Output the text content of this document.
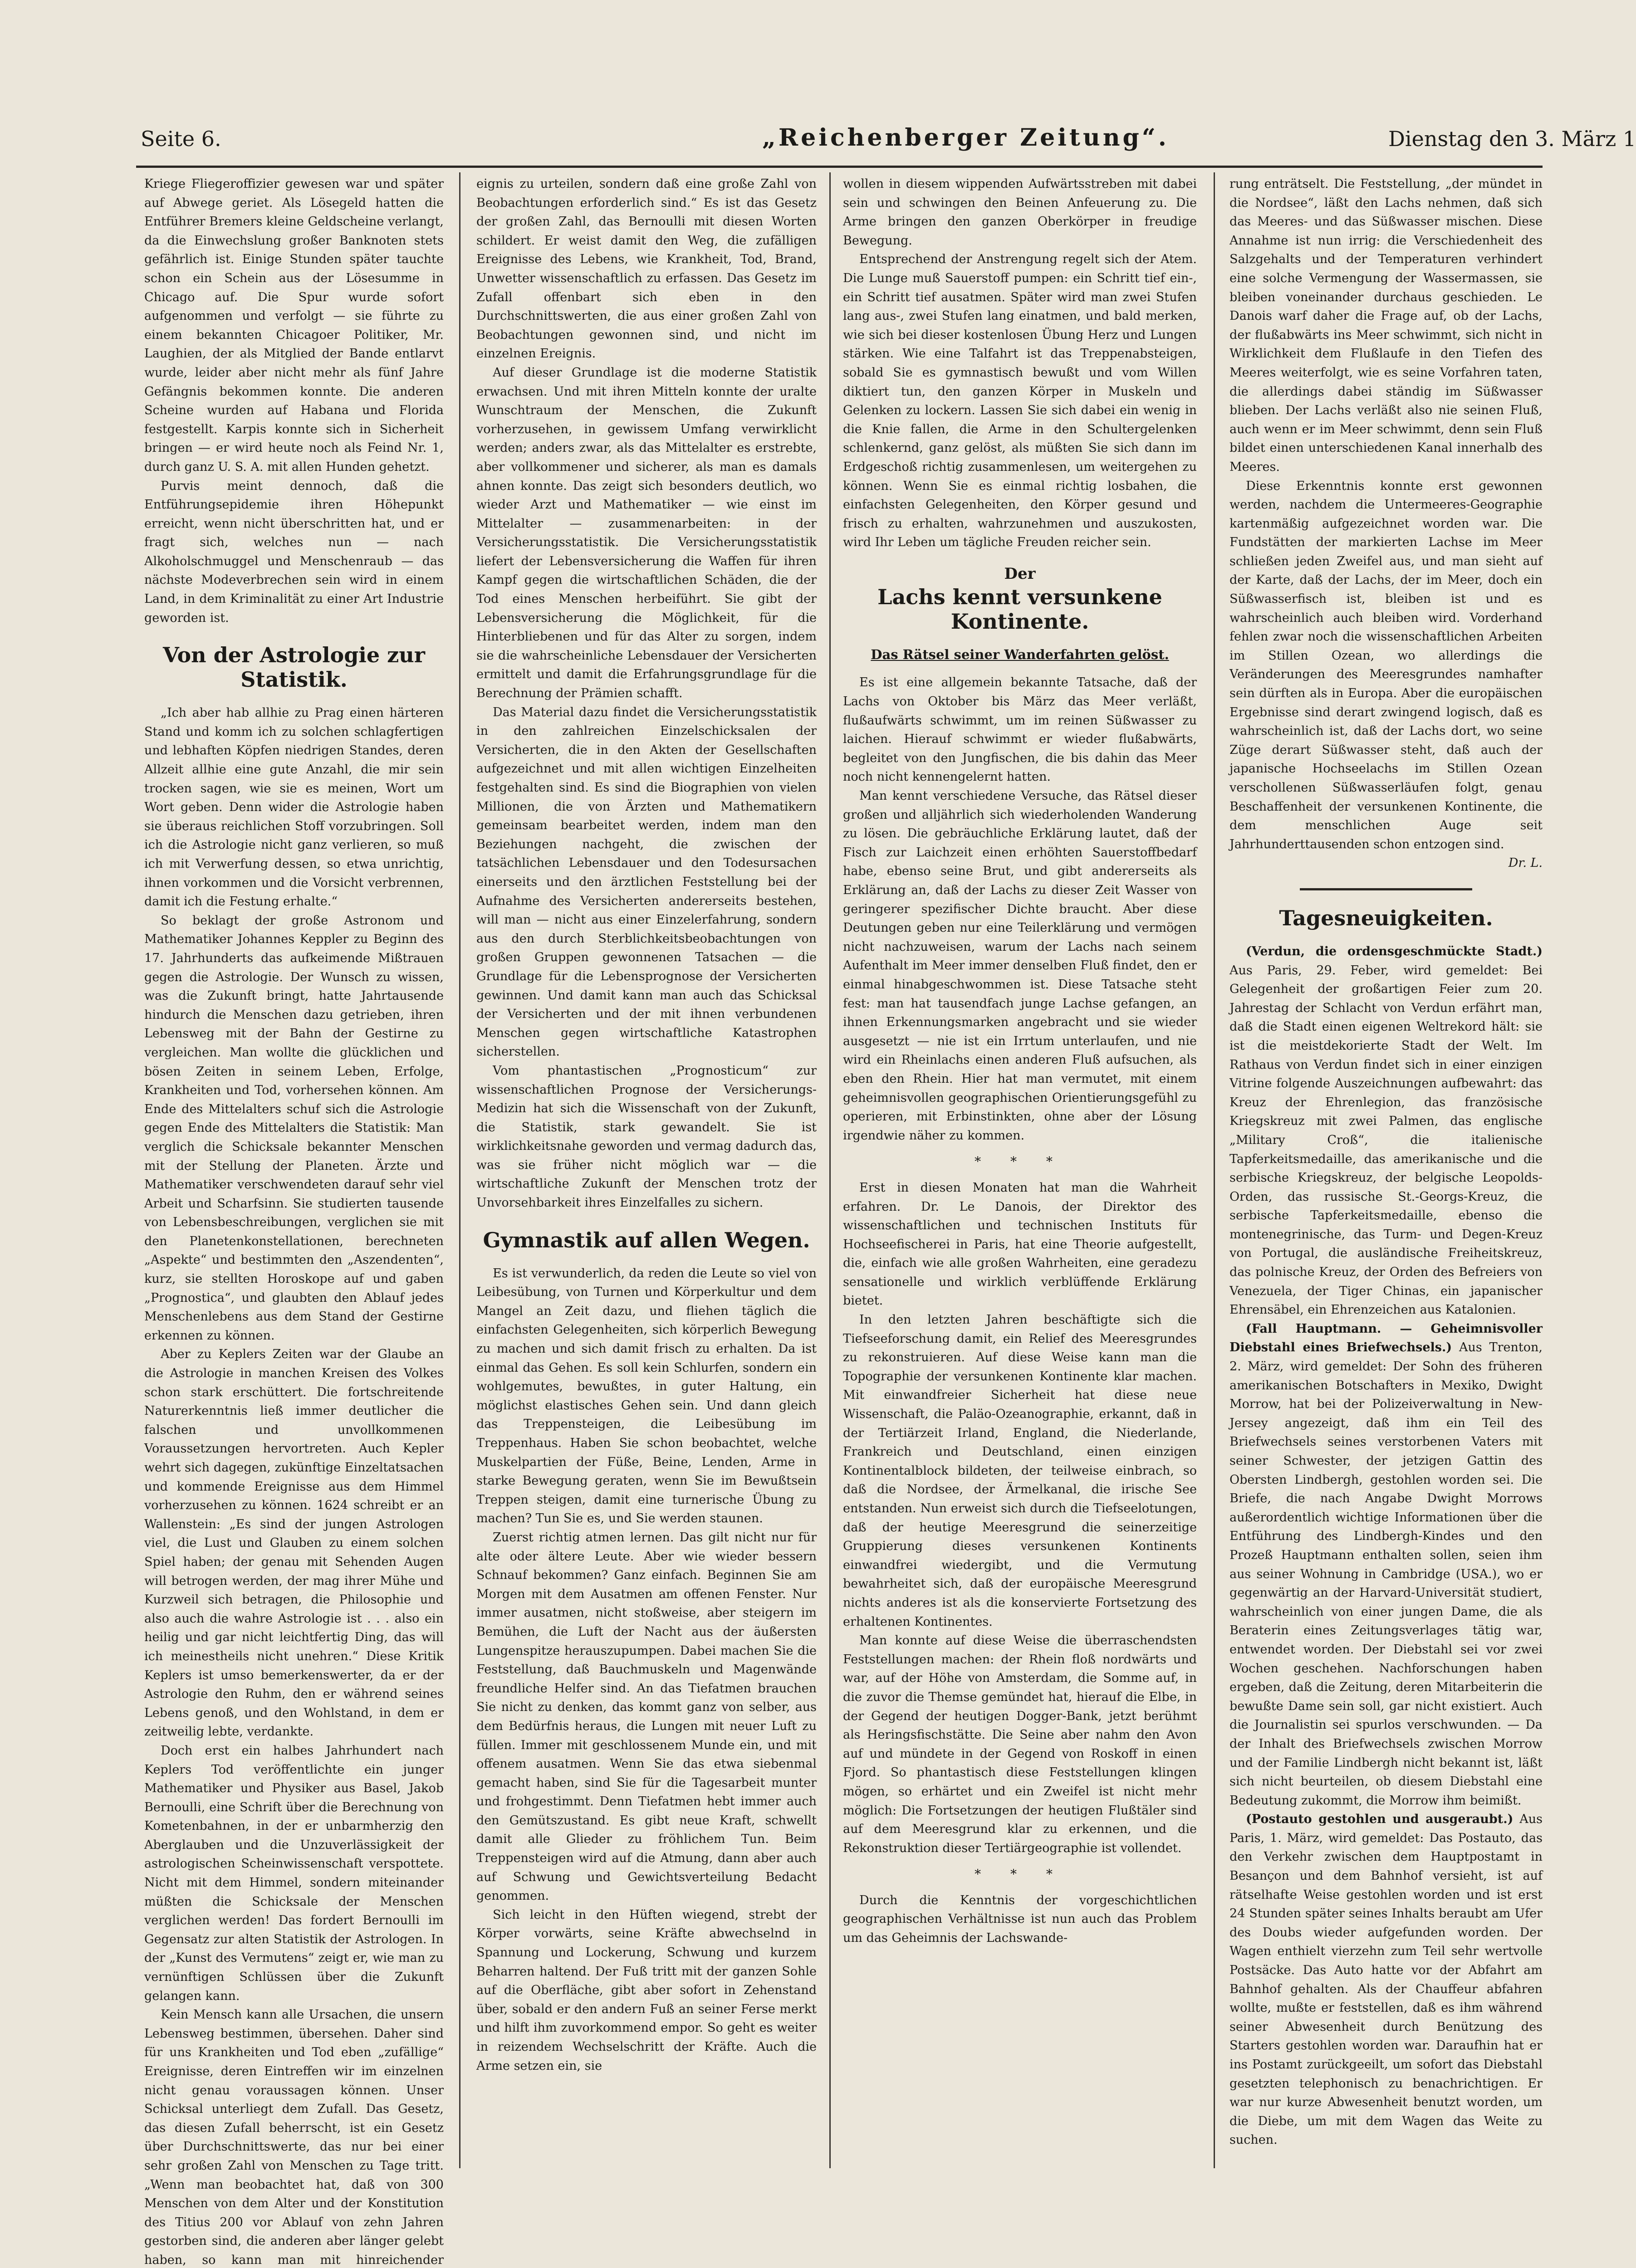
Seite 6.	„Reichenberger Zeitung“.	Dienstag den 3. März 1

Kriege Fliegeroffizier gewesen war und später auf Abwege geriet. Als Lösegeld hatten die Entführer Bremers kleine Geldscheine verlangt, da die Einwechslung großer Banknoten stets gefährlich ist. Einige Stunden später tauchte schon ein Schein aus der Lösesumme in Chicago auf. Die Spur wurde sofort aufgenommen und verfolgt — sie führte zu einem bekannten Chicagoer Politiker, Mr. Laughien, der als Mitglied der Bande entlarvt wurde, leider aber nicht mehr als fünf Jahre Gefängnis bekommen konnte. Die anderen Scheine wurden auf Habana und Florida festgestellt. Karpis konnte sich in Sicherheit bringen — er wird heute noch als Feind Nr. 1, durch ganz U. S. A. mit allen Hunden gehetzt.

Purvis meint dennoch, daß die Entführungsepidemie ihren Höhepunkt erreicht, wenn nicht überschritten hat, und er fragt sich, welches nun — nach Alkoholschmuggel und Menschenraub — das nächste Modeverbrechen sein wird in einem Land, in dem Kriminalität zu einer Art Industrie geworden ist.

Von der Astrologie zur Statistik.

„Ich aber hab allhie zu Prag einen härteren Stand und komm ich zu solchen schlagfertigen und lebhaften Köpfen niedrigen Standes, deren Allzeit allhie eine gute Anzahl, die mir sein trocken sagen, wie sie es meinen, Wort um Wort geben. Denn wider die Astrologie haben sie überaus reichlichen Stoff vorzubringen. Soll ich die Astrologie nicht ganz verlieren, so muß ich mit Verwerfung dessen, so etwa unrichtig, ihnen vorkommen und die Vorsicht verbrennen, damit ich die Festung erhalte.“

So beklagt der große Astronom und Mathematiker Johannes Keppler zu Beginn des 17. Jahrhunderts das aufkeimende Mißtrauen gegen die Astrologie. Der Wunsch zu wissen, was die Zukunft bringt, hatte Jahrtausende hindurch die Menschen dazu getrieben, ihren Lebensweg mit der Bahn der Gestirne zu vergleichen. Man wollte die glücklichen und bösen Zeiten in seinem Leben, Erfolge, Krankheiten und Tod, vorhersehen können. Am Ende des Mittelalters schuf sich die Astrologie gegen Ende des Mittelalters die Statistik: Man verglich die Schicksale bekannter Menschen mit der Stellung der Planeten. Ärzte und Mathematiker verschwendeten darauf sehr viel Arbeit und Scharfsinn. Sie studierten tausende von Lebensbeschreibungen, verglichen sie mit den Planetenkonstellationen, berechneten „Aspekte“ und bestimmten den „Aszendenten“, kurz, sie stellten Horoskope auf und gaben „Prognostica“, und glaubten den Ablauf jedes Menschenlebens aus dem Stand der Gestirne erkennen zu können.

Aber zu Keplers Zeiten war der Glaube an die Astrologie in manchen Kreisen des Volkes schon stark erschüttert. Die fortschreitende Naturerkenntnis ließ immer deutlicher die falschen und unvollkommenen Voraussetzungen hervortreten. Auch Kepler wehrt sich dagegen, zukünftige Einzeltatsachen und kommende Ereignisse aus dem Himmel vorherzusehen zu können. 1624 schreibt er an Wallenstein: „Es sind der jungen Astrologen viel, die Lust und Glauben zu einem solchen Spiel haben; der genau mit Sehenden Augen will betrogen werden, der mag ihrer Mühe und Kurzweil sich betragen, die Philosophie und also auch die wahre Astrologie ist . . . also ein heilig und gar nicht leichtfertig Ding, das will ich meinestheils nicht unehren.“ Diese Kritik Keplers ist umso bemerkenswerter, da er der Astrologie den Ruhm, den er während seines Lebens genoß, und den Wohlstand, in dem er zeitweilig lebte, verdankte.

Doch erst ein halbes Jahrhundert nach Keplers Tod veröffentlichte ein junger Mathematiker und Physiker aus Basel, Jakob Bernoulli, eine Schrift über die Berechnung von Kometenbahnen, in der er unbarmherzig den Aberglauben und die Unzuverlässigkeit der astrologischen Scheinwissenschaft verspottete. Nicht mit dem Himmel, sondern miteinander müßten die Schicksale der Menschen verglichen werden! Das fordert Bernoulli im Gegensatz zur alten Statistik der Astrologen. In der „Kunst des Vermutens“ zeigt er, wie man zu vernünftigen Schlüssen über die Zukunft gelangen kann.

Kein Mensch kann alle Ursachen, die unsern Lebensweg bestimmen, übersehen. Daher sind für uns Krankheiten und Tod eben „zufällige“ Ereignisse, deren Eintreffen wir im einzelnen nicht genau voraussagen können. Unser Schicksal unterliegt dem Zufall. Das Gesetz, das diesen Zufall beherrscht, ist ein Gesetz über Durchschnittswerte, das nur bei einer sehr großen Zahl von Menschen zu Tage tritt. „Wenn man beobachtet hat, daß von 300 Menschen von dem Alter und der Konstitution des Titius 200 vor Ablauf von zehn Jahren gestorben sind, die anderen aber länger gelebt haben, so kann man mit hinreichender

eignis zu urteilen, sondern daß eine große Zahl von Beobachtungen erforderlich sind.“ Es ist das Gesetz der großen Zahl, das Bernoulli mit diesen Worten schildert. Er weist damit den Weg, die zufälligen Ereignisse des Lebens, wie Krankheit, Tod, Brand, Unwetter wissenschaftlich zu erfassen. Das Gesetz im Zufall offenbart sich eben in den Durchschnittswerten, die aus einer großen Zahl von Beobachtungen gewonnen sind, und nicht im einzelnen Ereignis.

Auf dieser Grundlage ist die moderne Statistik erwachsen. Und mit ihren Mitteln konnte der uralte Wunschtraum der Menschen, die Zukunft vorherzusehen, in gewissem Umfang verwirklicht werden; anders zwar, als das Mittelalter es erstrebte, aber vollkommener und sicherer, als man es damals ahnen konnte. Das zeigt sich besonders deutlich, wo wieder Arzt und Mathematiker — wie einst im Mittelalter — zusammenarbeiten: in der Versicherungsstatistik. Die Versicherungsstatistik liefert der Lebensversicherung die Waffen für ihren Kampf gegen die wirtschaftlichen Schäden, die der Tod eines Menschen herbeiführt. Sie gibt der Lebensversicherung die Möglichkeit, für die Hinterbliebenen und für das Alter zu sorgen, indem sie die wahrscheinliche Lebensdauer der Versicherten ermittelt und damit die Erfahrungsgrundlage für die Berechnung der Prämien schafft.

Das Material dazu findet die Versicherungsstatistik in den zahlreichen Einzelschicksalen der Versicherten, die in den Akten der Gesellschaften aufgezeichnet und mit allen wichtigen Einzelheiten festgehalten sind. Es sind die Biographien von vielen Millionen, die von Ärzten und Mathematikern gemeinsam bearbeitet werden, indem man den Beziehungen nachgeht, die zwischen der tatsächlichen Lebensdauer und den Todesursachen einerseits und den ärztlichen Feststellung bei der Aufnahme des Versicherten andererseits bestehen, will man — nicht aus einer Einzelerfahrung, sondern aus den durch Sterblichkeitsbeobachtungen von großen Gruppen gewonnenen Tatsachen — die Grundlage für die Lebensprognose der Versicherten gewinnen. Und damit kann man auch das Schicksal der Versicherten und der mit ihnen verbundenen Menschen gegen wirtschaftliche Katastrophen sicherstellen.

Vom phantastischen „Prognosticum“ zur wissenschaftlichen Prognose der Versicherungs-Medizin hat sich die Wissenschaft von der Zukunft, die Statistik, stark gewandelt. Sie ist wirklichkeitsnahe geworden und vermag dadurch das, was sie früher nicht möglich war — die wirtschaftliche Zukunft der Menschen trotz der Unvorsehbarkeit ihres Einzelfalles zu sichern.

Gymnastik auf allen Wegen.

Es ist verwunderlich, da reden die Leute so viel von Leibesübung, von Turnen und Körperkultur und dem Mangel an Zeit dazu, und fliehen täglich die einfachsten Gelegenheiten, sich körperlich Bewegung zu machen und sich damit frisch zu erhalten. Da ist einmal das Gehen. Es soll kein Schlurfen, sondern ein wohlgemutes, bewußtes, in guter Haltung, ein möglichst elastisches Gehen sein. Und dann gleich das Treppensteigen, die Leibesübung im Treppenhaus. Haben Sie schon beobachtet, welche Muskelpartien der Füße, Beine, Lenden, Arme in starke Bewegung geraten, wenn Sie im Bewußtsein Treppen steigen, damit eine turnerische Übung zu machen? Tun Sie es, und Sie werden staunen.

Zuerst richtig atmen lernen. Das gilt nicht nur für alte oder ältere Leute. Aber wie wieder bessern Schnauf bekommen? Ganz einfach. Beginnen Sie am Morgen mit dem Ausatmen am offenen Fenster. Nur immer ausatmen, nicht stoßweise, aber steigern im Bemühen, die Luft der Nacht aus der äußersten Lungenspitze herauszupumpen. Dabei machen Sie die Feststellung, daß Bauchmuskeln und Magenwände freundliche Helfer sind. An das Tiefatmen brauchen Sie nicht zu denken, das kommt ganz von selber, aus dem Bedürfnis heraus, die Lungen mit neuer Luft zu füllen. Immer mit geschlossenem Munde ein, und mit offenem ausatmen. Wenn Sie das etwa siebenmal gemacht haben, sind Sie für die Tagesarbeit munter und frohgestimmt. Denn Tiefatmen hebt immer auch den Gemütszustand. Es gibt neue Kraft, schwellt damit alle Glieder zu fröhlichem Tun. Beim Treppensteigen wird auf die Atmung, dann aber auch auf Schwung und Gewichtsverteilung Bedacht genommen.

Sich leicht in den Hüften wiegend, strebt der Körper vorwärts, seine Kräfte abwechselnd in Spannung und Lockerung, Schwung und kurzem Beharren haltend. Der Fuß tritt mit der ganzen Sohle auf die Oberfläche, gibt aber sofort in Zehenstand über, sobald er den andern Fuß an seiner Ferse merkt und hilft ihm zuvorkommend empor. So geht es weiter in reizendem Wechselschritt der Kräfte. Auch die Arme setzen ein, sie

wollen in diesem wippenden Aufwärtsstreben mit dabei sein und schwingen den Beinen Anfeuerung zu. Die Arme bringen den ganzen Oberkörper in freudige Bewegung.

Entsprechend der Anstrengung regelt sich der Atem. Die Lunge muß Sauerstoff pumpen: ein Schritt tief ein-, ein Schritt tief ausatmen. Später wird man zwei Stufen lang aus-, zwei Stufen lang einatmen, und bald merken, wie sich bei dieser kostenlosen Übung Herz und Lungen stärken. Wie eine Talfahrt ist das Treppenabsteigen, sobald Sie es gymnastisch bewußt und vom Willen diktiert tun, den ganzen Körper in Muskeln und Gelenken zu lockern. Lassen Sie sich dabei ein wenig in die Knie fallen, die Arme in den Schultergelenken schlenkernd, ganz gelöst, als müßten Sie sich dann im Erdgeschoß richtig zusammenlesen, um weitergehen zu können. Wenn Sie es einmal richtig losbahen, die einfachsten Gelegenheiten, den Körper gesund und frisch zu erhalten, wahrzunehmen und auszukosten, wird Ihr Leben um tägliche Freuden reicher sein.

Der
Lachs kennt versunkene Kontinente.
Das Rätsel seiner Wanderfahrten gelöst.

Es ist eine allgemein bekannte Tatsache, daß der Lachs von Oktober bis März das Meer verläßt, flußaufwärts schwimmt, um im reinen Süßwasser zu laichen. Hierauf schwimmt er wieder flußabwärts, begleitet von den Jungfischen, die bis dahin das Meer noch nicht kennengelernt hatten.

Man kennt verschiedene Versuche, das Rätsel dieser großen und alljährlich sich wiederholenden Wanderung zu lösen. Die gebräuchliche Erklärung lautet, daß der Fisch zur Laichzeit einen erhöhten Sauerstoffbedarf habe, ebenso seine Brut, und gibt andererseits als Erklärung an, daß der Lachs zu dieser Zeit Wasser von geringerer spezifischer Dichte braucht. Aber diese Deutungen geben nur eine Teilerklärung und vermögen nicht nachzuweisen, warum der Lachs nach seinem Aufenthalt im Meer immer denselben Fluß findet, den er einmal hinabgeschwommen ist. Diese Tatsache steht fest: man hat tausendfach junge Lachse gefangen, an ihnen Erkennungsmarken angebracht und sie wieder ausgesetzt — nie ist ein Irrtum unterlaufen, und nie wird ein Rheinlachs einen anderen Fluß aufsuchen, als eben den Rhein. Hier hat man vermutet, mit einem geheimnisvollen geographischen Orientierungsgefühl zu operieren, mit Erbinstinkten, ohne aber der Lösung irgendwie näher zu kommen.

* * *

Erst in diesen Monaten hat man die Wahrheit erfahren. Dr. Le Danois, der Direktor des wissenschaftlichen und technischen Instituts für Hochseefischerei in Paris, hat eine Theorie aufgestellt, die, einfach wie alle großen Wahrheiten, eine geradezu sensationelle und wirklich verblüffende Erklärung bietet.

In den letzten Jahren beschäftigte sich die Tiefseeforschung damit, ein Relief des Meeresgrundes zu rekonstruieren. Auf diese Weise kann man die Topographie der versunkenen Kontinente klar machen. Mit einwandfreier Sicherheit hat diese neue Wissenschaft, die Paläo-Ozeanographie, erkannt, daß in der Tertiärzeit Irland, England, die Niederlande, Frankreich und Deutschland, einen einzigen Kontinentalblock bildeten, der teilweise einbrach, so daß die Nordsee, der Ärmelkanal, die irische See entstanden. Nun erweist sich durch die Tiefseelotungen, daß der heutige Meeresgrund die seinerzeitige Gruppierung dieses versunkenen Kontinents einwandfrei wiedergibt, und die Vermutung bewahrheitet sich, daß der europäische Meeresgrund nichts anderes ist als die konservierte Fortsetzung des erhaltenen Kontinentes.

Man konnte auf diese Weise die überraschendsten Feststellungen machen: der Rhein floß nordwärts und war, auf der Höhe von Amsterdam, die Somme auf, in die zuvor die Themse gemündet hat, hierauf die Elbe, in der Gegend der heutigen Dogger-Bank, jetzt berühmt als Heringsfischstätte. Die Seine aber nahm den Avon auf und mündete in der Gegend von Roskoff in einen Fjord. So phantastisch diese Feststellungen klingen mögen, so erhärtet und ein Zweifel ist nicht mehr möglich: Die Fortsetzungen der heutigen Flußtäler sind auf dem Meeresgrund klar zu erkennen, und die Rekonstruktion dieser Tertiärgeographie ist vollendet.

* * *

Durch die Kenntnis der vorgeschichtlichen geographischen Verhältnisse ist nun auch das Problem um das Geheimnis der Lachswande-

rung enträtselt. Die Feststellung, „der mündet in die Nordsee“, läßt den Lachs nehmen, daß sich das Meeres- und das Süßwasser mischen. Diese Annahme ist nun irrig: die Verschiedenheit des Salzgehalts und der Temperaturen verhindert eine solche Vermengung der Wassermassen, sie bleiben voneinander durchaus geschieden. Le Danois warf daher die Frage auf, ob der Lachs, der flußabwärts ins Meer schwimmt, sich nicht in Wirklichkeit dem Flußlaufe in den Tiefen des Meeres weiterfolgt, wie es seine Vorfahren taten, die allerdings dabei ständig im Süßwasser blieben. Der Lachs verläßt also nie seinen Fluß, auch wenn er im Meer schwimmt, denn sein Fluß bildet einen unterschiedenen Kanal innerhalb des Meeres.

Diese Erkenntnis konnte erst gewonnen werden, nachdem die Untermeeres-Geographie kartenmäßig aufgezeichnet worden war. Die Fundstätten der markierten Lachse im Meer schließen jeden Zweifel aus, und man sieht auf der Karte, daß der Lachs, der im Meer, doch ein Süßwasserfisch ist, bleiben ist und es wahrscheinlich auch bleiben wird. Vorderhand fehlen zwar noch die wissenschaftlichen Arbeiten im Stillen Ozean, wo allerdings die Veränderungen des Meeresgrundes namhafter sein dürften als in Europa. Aber die europäischen Ergebnisse sind derart zwingend logisch, daß es wahrscheinlich ist, daß der Lachs dort, wo seine Züge derart Süßwasser steht, daß auch der japanische Hochseelachs im Stillen Ozean verschollenen Süßwasserläufen folgt, genau Beschaffenheit der versunkenen Kontinente, die dem menschlichen Auge seit Jahrhunderttausenden schon entzogen sind.

Dr. L.
Tagesneuigkeiten.

(Verdun, die ordensgeschmückte Stadt.) Aus Paris, 29. Feber, wird gemeldet: Bei Gelegenheit der großartigen Feier zum 20. Jahrestag der Schlacht von Verdun erfährt man, daß die Stadt einen eigenen Weltrekord hält: sie ist die meistdekorierte Stadt der Welt. Im Rathaus von Verdun findet sich in einer einzigen Vitrine folgende Auszeichnungen aufbewahrt: das Kreuz der Ehrenlegion, das französische Kriegskreuz mit zwei Palmen, das englische „Military Croß“, die italienische Tapferkeitsmedaille, das amerikanische und die serbische Kriegskreuz, der belgische Leopolds-Orden, das russische St.-Georgs-Kreuz, die serbische Tapferkeitsmedaille, ebenso die montenegrinische, das Turm- und Degen-Kreuz von Portugal, die ausländische Freiheitskreuz, das polnische Kreuz, der Orden des Befreiers von Venezuela, der Tiger Chinas, ein japanischer Ehrensäbel, ein Ehrenzeichen aus Katalonien.

(Fall Hauptmann. — Geheimnisvoller Diebstahl eines Briefwechsels.) Aus Trenton, 2. März, wird gemeldet: Der Sohn des früheren amerikanischen Botschafters in Mexiko, Dwight Morrow, hat bei der Polizeiverwaltung in New-Jersey angezeigt, daß ihm ein Teil des Briefwechsels seines verstorbenen Vaters mit seiner Schwester, der jetzigen Gattin des Obersten Lindbergh, gestohlen worden sei. Die Briefe, die nach Angabe Dwight Morrows außerordentlich wichtige Informationen über die Entführung des Lindbergh-Kindes und den Prozeß Hauptmann enthalten sollen, seien ihm aus seiner Wohnung in Cambridge (USA.), wo er gegenwärtig an der Harvard-Universität studiert, wahrscheinlich von einer jungen Dame, die als Beraterin eines Zeitungsverlages tätig war, entwendet worden. Der Diebstahl sei vor zwei Wochen geschehen. Nachforschungen haben ergeben, daß die Zeitung, deren Mitarbeiterin die bewußte Dame sein soll, gar nicht existiert. Auch die Journalistin sei spurlos verschwunden. — Da der Inhalt des Briefwechsels zwischen Morrow und der Familie Lindbergh nicht bekannt ist, läßt sich nicht beurteilen, ob diesem Diebstahl eine Bedeutung zukommt, die Morrow ihm beimißt.

(Postauto gestohlen und ausgeraubt.) Aus Paris, 1. März, wird gemeldet: Das Postauto, das den Verkehr zwischen dem Hauptpostamt in Besançon und dem Bahnhof versieht, ist auf rätselhafte Weise gestohlen worden und ist erst 24 Stunden später seines Inhalts beraubt am Ufer des Doubs wieder aufgefunden worden. Der Wagen enthielt vierzehn zum Teil sehr wertvolle Postsäcke. Das Auto hatte vor der Abfahrt am Bahnhof gehalten. Als der Chauffeur abfahren wollte, mußte er feststellen, daß es ihm während seiner Abwesenheit durch Benützung des Starters gestohlen worden war. Daraufhin hat er ins Postamt zurückgeeilt, um sofort das Diebstahl gesetzten telephonisch zu benachrichtigen. Er war nur kurze Abwesenheit benutzt worden, um die Diebe, um mit dem Wagen das Weite zu suchen.
